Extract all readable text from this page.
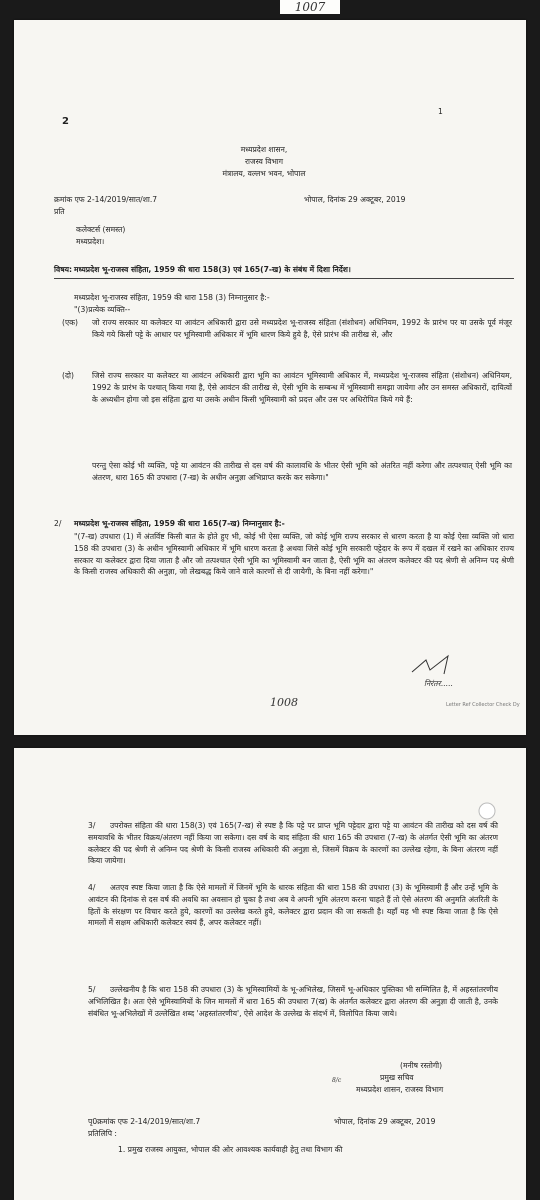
1007
1
2
मध्यप्रदेश शासन,
राजस्व विभाग
मंत्रालय, वल्लभ भवन, भोपाल
क्रमांक एफ 2-14/2019/सात/शा.7	भोपाल, दिनांक 29 अक्टूबर, 2019
प्रति
कलेक्टर्स (समस्त)
मध्यप्रदेश।
विषय: मध्यप्रदेश भू-राजस्व संहिता, 1959 की धारा 158(3) एवं 165(7-ख) के संबंध में दिशा निर्देश।
मध्यप्रदेश भू-राजस्व संहिता, 1959 की धारा 158 (3) निम्नानुसार है:-
"(3)प्रत्येक व्यक्ति--
(एक) जो राज्य सरकार या कलेक्टर या आवंटन अधिकारी द्वारा उसे मध्यप्रदेश भू-राजस्व संहिता (संशोधन) अधिनियम, 1992 के प्रारंभ पर या उसके पूर्व मंजूर किये गये किसी पट्टे के आधार पर भूमिस्वामी अधिकार में भूमि धारण किये हुये है, ऐसे प्रारंभ की तारीख से, और
(दो) जिसे राज्य सरकार या कलेक्टर या आवंटन अधिकारी द्वारा भूमि का आवंटन भूमिस्वामी अधिकार में, मध्यप्रदेश भू-राजस्व संहिता (संशोधन) अधिनियम, 1992 के प्रारंभ के पश्चात् किया गया है, ऐसे आवंटन की तारीख से, ऐसी भूमि के सम्बन्ध में भूमिस्वामी समझा जायेगा और उन समस्त अधिकारों, दायित्वों के अध्यधीन होगा जो इस संहिता द्वारा या उसके अधीन किसी भूमिस्वामी को प्रदत्त और उस पर अधिरोपित किये गये हैं:
परन्तु ऐसा कोई भी व्यक्ति, पट्टे या आवंटन की तारीख से दस वर्ष की कालावधि के भीतर ऐसी भूमि को अंतरित नहीं करेगा और तत्पश्चात् ऐसी भूमि का अंतरण, धारा 165 की उपधारा (7-ख) के अधीन अनुज्ञा अभिप्राप्त करके कर सकेगा।"
2/ मध्यप्रदेश भू-राजस्व संहिता, 1959 की धारा 165(7-ख) निम्नानुसार है:-
"(7-ख) उपधारा (1) में अंतर्विष्ट किसी बात के होते हुए भी, कोई भी ऐसा व्यक्ति, जो कोई भूमि राज्य सरकार से धारण करता है या कोई ऐसा व्यक्ति जो धारा 158 की उपधारा (3) के अधीन भूमिस्वामी अधिकार में भूमि धारण करता है अथवा जिसे कोई भूमि सरकारी पट्टेदार के रूप में दखल में रखने का अधिकार राज्य सरकार या कलेक्टर द्वारा दिया जाता है और जो तत्पश्चात ऐसी भूमि का भूमिस्वामी बन जाता है, ऐसी भूमि का अंतरण कलेक्टर की पद श्रेणी से अनिम्न पद श्रेणी के किसी राजस्व अधिकारी की अनुज्ञा, जो लेखबद्ध किये जाने वाले कारणों से दी जायेगी, के बिना नहीं करेगा।"
निरंतर.....
Letter Ref Collector Check Dy
1008
3/	उपरोक्त संहिता की धारा 158(3) एवं 165(7-ख) से स्पष्ट है कि पट्टे पर प्राप्त भूमि पट्टेदार द्वारा पट्टे या आवंटन की तारीख को दस वर्ष की समयावधि के भीतर विक्रय/अंतरण नहीं किया जा सकेगा। दस वर्ष के बाद संहिता की धारा 165 की उपधारा (7-ख) के अंतर्गत ऐसी भूमि का अंतरण कलेक्टर की पद श्रेणी से अनिम्न पद श्रेणी के किसी राजस्व अधिकारी की अनुज्ञा से, जिसमें विक्रय के कारणों का उल्लेख रहेगा, के बिना अंतरण नहीं किया जायेगा।
4/	अतएव स्पष्ट किया जाता है कि ऐसे मामलों में जिनमें भूमि के धारक संहिता की धारा 158 की उपधारा (3) के भूमिस्वामी हैं और उन्हें भूमि के आवंटन की दिनांक से दस वर्ष की अवधि का अवसान हो चुका है तथा अब वे अपनी भूमि अंतरण करना चाहते हैं तो ऐसे अंतरण की अनुमति अंतरिती के हितों के संरक्षण पर विचार करते हुये, कारणों का उल्लेख करते हुये, कलेक्टर द्वारा प्रदान की जा सकती है। यहाँ यह भी स्पष्ट किया जाता है कि ऐसे मामलों में सक्षम अधिकारी कलेक्टर स्वयं हैं, अपर कलेक्टर नहीं।
5/	उल्लेखनीय है कि धारा 158 की उपधारा (3) के भूमिस्वामियों के भू-अभिलेख, जिसमें भू-अधिकार पुस्तिका भी सम्मिलित है, में अहस्तांतरणीय अभिलिखित है। अतः ऐसे भूमिस्वामियों के जिन मामलों में धारा 165 की उपधारा 7(ख) के अंतर्गत कलेक्टर द्वारा अंतरण की अनुज्ञा दी जाती है, उनके संबंधित भू-अभिलेखों में उल्लेखित शब्द 'अहस्तांतरणीय', ऐसे आदेश के उल्लेख के संदर्भ में, विलोपित किया जाये।
(मनीष रस्तोगी)
प्रमुख सचिव
मध्यप्रदेश शासन, राजस्व विभाग
8/c
पृ0क्रमांक एफ 2-14/2019/सात/शा.7	भोपाल, दिनांक 29 अक्टूबर, 2019
प्रतिलिपि :
1. प्रमुख राजस्व आयुक्त, भोपाल की ओर आवश्यक कार्यवाही हेतु तथा विभाग की
